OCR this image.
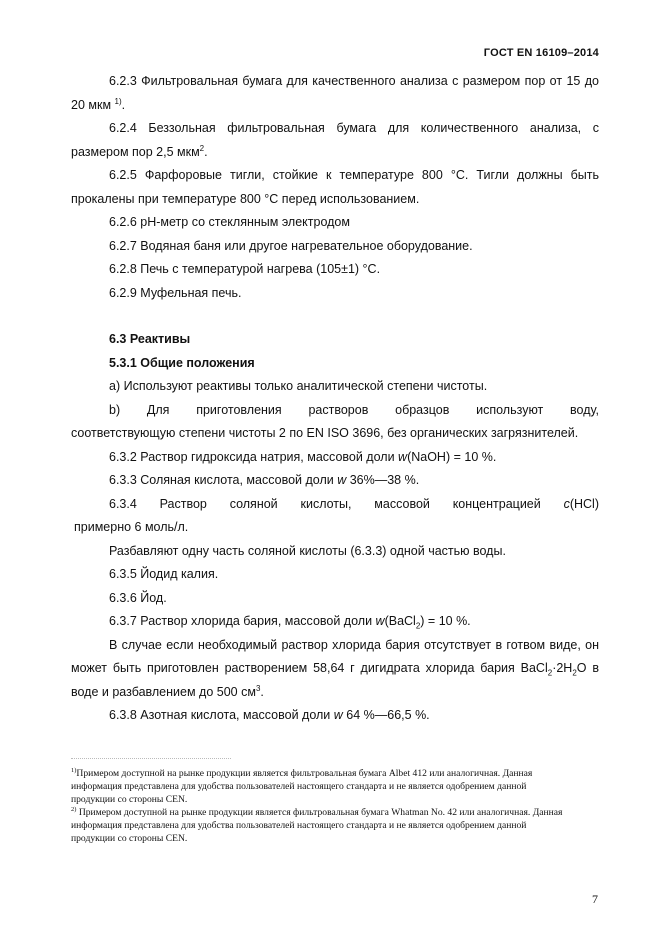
ГОСТ EN 16109–2014

6.2.3 Фильтровальная бумага для качественного анализа с размером пор от 15 до 20 мкм $^{1)}$.

6.2.4 Беззольная фильтровальная бумага для количественного анализа, с размером пор 2,5 мкм$^2$.

6.2.5 Фарфоровые тигли, стойкие к температуре 800 °С. Тигли должны быть прокалены при температуре 800 °С перед использованием.

6.2.6 pH-метр со стеклянным электродом

6.2.7 Водяная баня или другое нагревательное оборудование.

6.2.8 Печь с температурой нагрева (105±1) °С.

6.2.9 Муфельная печь.

6.3 Реактивы

5.3.1 Общие положения

а) Используют реактивы только аналитической степени чистоты.

b) Для приготовления растворов образцов используют воду,

соответствующую степени чистоты 2 по EN ISO 3696, без органических загрязнителей.

6.3.2 Раствор гидроксида натрия, массовой доли w(NaOH) = 10 %.

6.3.3 Соляная кислота, массовой доли w 36%—38 %.

6.3.4 Раствор соляной кислоты, массовой концентрацией c(HCl)

примерно 6 моль/л.

Разбавляют одну часть соляной кислоты (6.3.3) одной частью воды.

6.3.5 Йодид калия.

6.3.6 Йод.

6.3.7 Раствор хлорида бария, массовой доли w(BaCl$_2$) = 10 %.

В случае если необходимый раствор хлорида бария отсутствует в готвом виде, он может быть приготовлен растворением 58,64 г дигидрата хлорида бария $BaCl_2\cdot 2H_2O$ в воде и разбавлением до 500 $см^3$.

6.3.8 Азотная кислота, массовой доли w 64 %—66,5 %.

$^{1)}$Примером доступной на рынке продукции является фильтровальная бумага Albet 412 или аналогичная. Данная информация представлена для удобства пользователей настоящего стандарта и не является одобрением данной продукции со стороны CEN.

$^{2)}$ Примером доступной на рынке продукции является фильтровальная бумага Whatman No. 42 или аналогичная. Данная информация представлена для удобства пользователей настоящего стандарта и не является одобрением данной продукции со стороны CEN.

7
